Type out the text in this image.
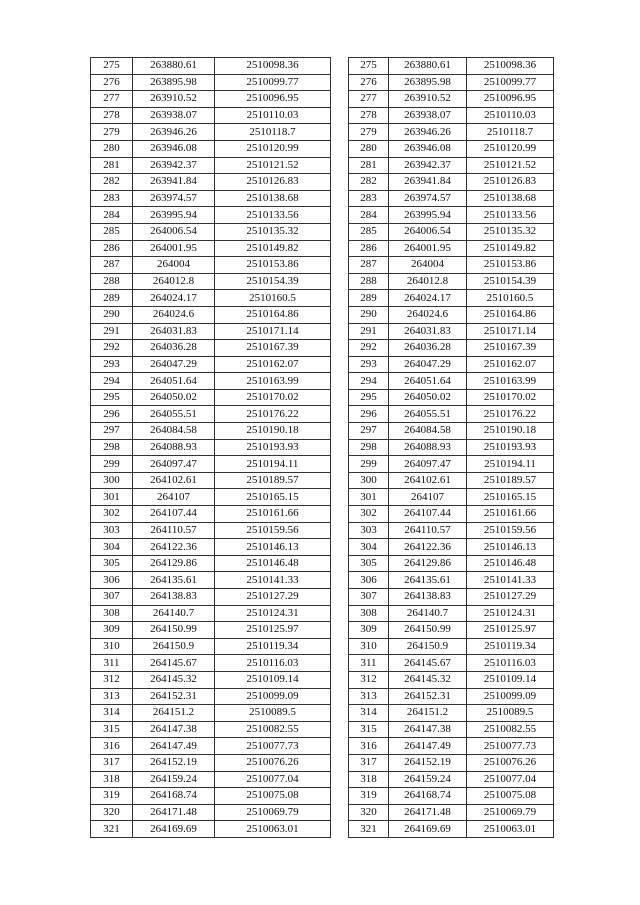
275	263880.61	2510098.36
276	263895.98	2510099.77
277	263910.52	2510096.95
278	263938.07	2510110.03
279	263946.26	2510118.7
280	263946.08	2510120.99
281	263942.37	2510121.52
282	263941.84	2510126.83
283	263974.57	2510138.68
284	263995.94	2510133.56
285	264006.54	2510135.32
286	264001.95	2510149.82
287	264004	2510153.86
288	264012.8	2510154.39
289	264024.17	2510160.5
290	264024.6	2510164.86
291	264031.83	2510171.14
292	264036.28	2510167.39
293	264047.29	2510162.07
294	264051.64	2510163.99
295	264050.02	2510170.02
296	264055.51	2510176.22
297	264084.58	2510190.18
298	264088.93	2510193.93
299	264097.47	2510194.11
300	264102.61	2510189.57
301	264107	2510165.15
302	264107.44	2510161.66
303	264110.57	2510159.56
304	264122.36	2510146.13
305	264129.86	2510146.48
306	264135.61	2510141.33
307	264138.83	2510127.29
308	264140.7	2510124.31
309	264150.99	2510125.97
310	264150.9	2510119.34
311	264145.67	2510116.03
312	264145.32	2510109.14
313	264152.31	2510099.09
314	264151.2	2510089.5
315	264147.38	2510082.55
316	264147.49	2510077.73
317	264152.19	2510076.26
318	264159.24	2510077.04
319	264168.74	2510075.08
320	264171.48	2510069.79
321	264169.69	2510063.01
275	263880.61	2510098.36
276	263895.98	2510099.77
277	263910.52	2510096.95
278	263938.07	2510110.03
279	263946.26	2510118.7
280	263946.08	2510120.99
281	263942.37	2510121.52
282	263941.84	2510126.83
283	263974.57	2510138.68
284	263995.94	2510133.56
285	264006.54	2510135.32
286	264001.95	2510149.82
287	264004	2510153.86
288	264012.8	2510154.39
289	264024.17	2510160.5
290	264024.6	2510164.86
291	264031.83	2510171.14
292	264036.28	2510167.39
293	264047.29	2510162.07
294	264051.64	2510163.99
295	264050.02	2510170.02
296	264055.51	2510176.22
297	264084.58	2510190.18
298	264088.93	2510193.93
299	264097.47	2510194.11
300	264102.61	2510189.57
301	264107	2510165.15
302	264107.44	2510161.66
303	264110.57	2510159.56
304	264122.36	2510146.13
305	264129.86	2510146.48
306	264135.61	2510141.33
307	264138.83	2510127.29
308	264140.7	2510124.31
309	264150.99	2510125.97
310	264150.9	2510119.34
311	264145.67	2510116.03
312	264145.32	2510109.14
313	264152.31	2510099.09
314	264151.2	2510089.5
315	264147.38	2510082.55
316	264147.49	2510077.73
317	264152.19	2510076.26
318	264159.24	2510077.04
319	264168.74	2510075.08
320	264171.48	2510069.79
321	264169.69	2510063.01
